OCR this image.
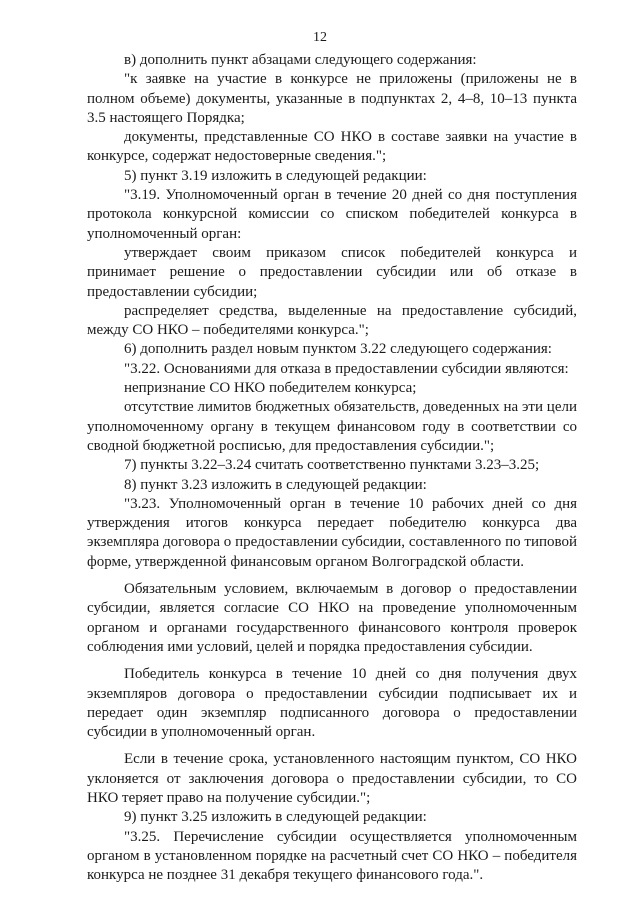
12

в) дополнить пункт абзацами следующего содержания:

"к заявке на участие в конкурсе не приложены (приложены не в полном объеме) документы, указанные в подпунктах 2, 4–8, 10–13 пункта 3.5 настоящего Порядка;

документы, представленные СО НКО в составе заявки на участие в конкурсе, содержат недостоверные сведения.";

5) пункт 3.19 изложить в следующей редакции:

"3.19. Уполномоченный орган в течение 20 дней со дня поступления протокола конкурсной комиссии со списком победителей конкурса в уполномоченный орган:

утверждает своим приказом список победителей конкурса и принимает решение о предоставлении субсидии или об отказе в предоставлении субсидии;

распределяет средства, выделенные на предоставление субсидий, между СО НКО – победителями конкурса.";

6) дополнить раздел новым пунктом 3.22 следующего содержания:

"3.22. Основаниями для отказа в предоставлении субсидии являются:

непризнание СО НКО победителем конкурса;

отсутствие лимитов бюджетных обязательств, доведенных на эти цели уполномоченному органу в текущем финансовом году в соответствии со сводной бюджетной росписью, для предоставления субсидии.";

7) пункты 3.22–3.24 считать соответственно пунктами 3.23–3.25;

8) пункт 3.23 изложить в следующей редакции:

"3.23. Уполномоченный орган в течение 10 рабочих дней со дня утверждения итогов конкурса передает победителю конкурса два экземпляра договора о предоставлении субсидии, составленного по типовой форме, утвержденной финансовым органом Волгоградской области.

Обязательным условием, включаемым в договор о предоставлении субсидии, является согласие СО НКО на проведение уполномоченным органом и органами государственного финансового контроля проверок соблюдения ими условий, целей и порядка предоставления субсидии.

Победитель конкурса в течение 10 дней со дня получения двух экземпляров договора о предоставлении субсидии подписывает их и передает один экземпляр подписанного договора о предоставлении субсидии в уполномоченный орган.

Если в течение срока, установленного настоящим пунктом, СО НКО уклоняется от заключения договора о предоставлении субсидии, то СО НКО теряет право на получение субсидии.";

9) пункт 3.25 изложить в следующей редакции:

"3.25. Перечисление субсидии осуществляется уполномоченным органом в установленном порядке на расчетный счет СО НКО – победителя конкурса не позднее 31 декабря текущего финансового года.".
